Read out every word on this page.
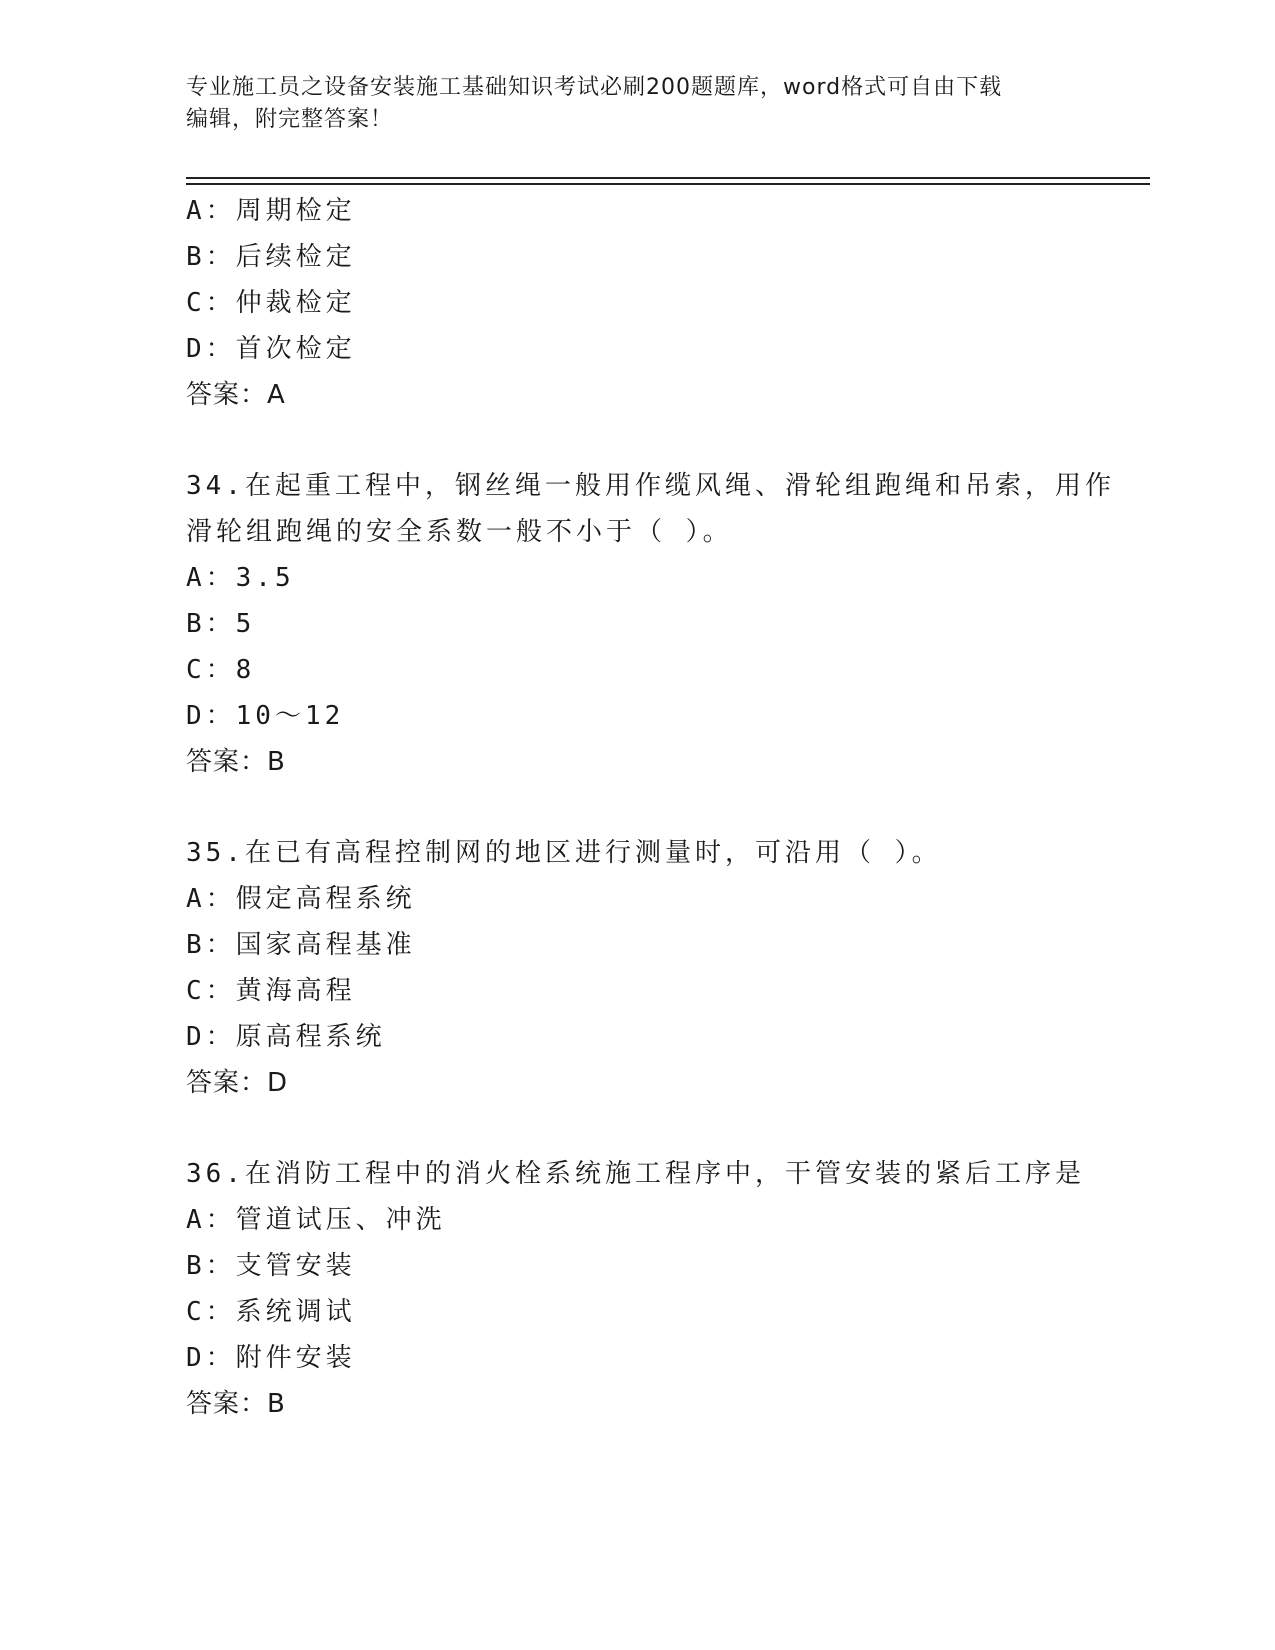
专业施工员之设备安装施工基础知识考试必刷200题题库，word格式可自由下载
编辑，附完整答案！
A：周期检定
B：后续检定
C：仲裁检定
D：首次检定
答案：A
34.在起重工程中，钢丝绳一般用作缆风绳、滑轮组跑绳和吊索，用作
滑轮组跑绳的安全系数一般不小于（ ）。
A：3.5
B：5
C：8
D：10～12
答案：B
35.在已有高程控制网的地区进行测量时，可沿用（ ）。
A：假定高程系统
B：国家高程基准
C：黄海高程
D：原高程系统
答案：D
36.在消防工程中的消火栓系统施工程序中，干管安装的紧后工序是
A：管道试压、冲洗
B：支管安装
C：系统调试
D：附件安装
答案：B
